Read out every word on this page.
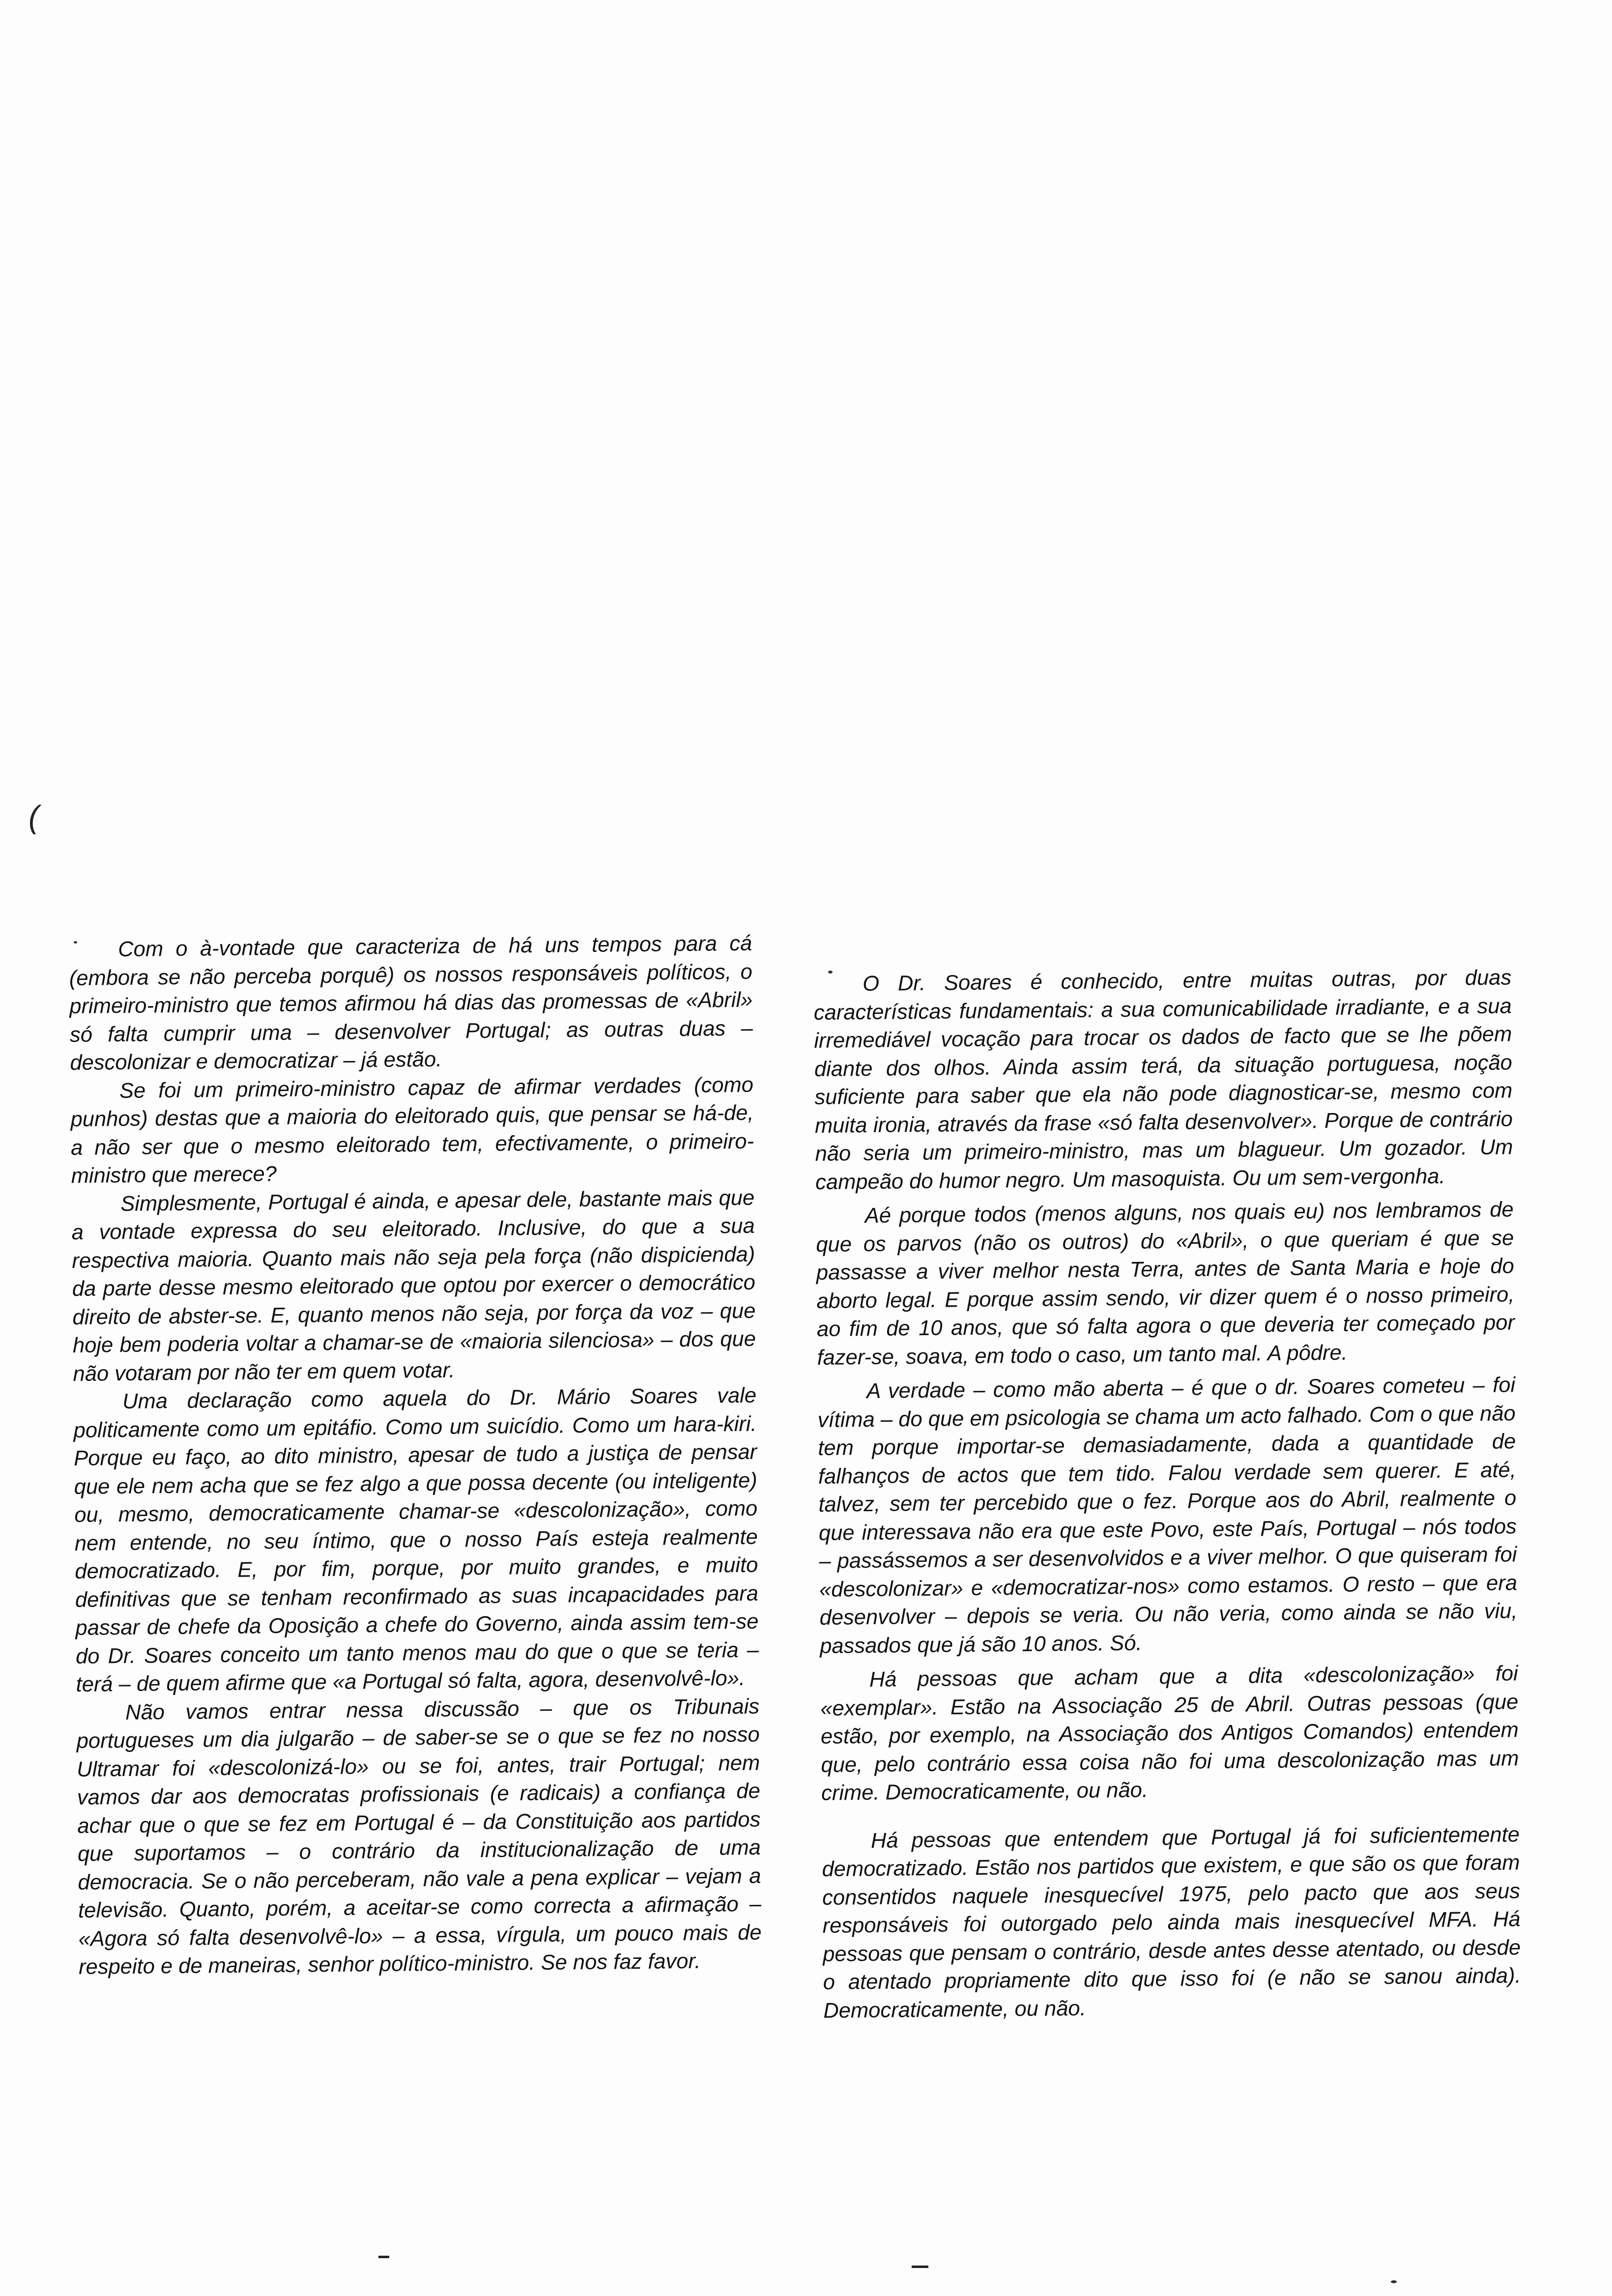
(

Com o à-vontade que caracteriza de há uns tempos para cá (embora se não perceba porquê) os nossos responsáveis políticos, o primeiro-ministro que temos afirmou há dias das promessas de «Abril» só falta cumprir uma – desenvolver Portugal; as outras duas – descolonizar e democratizar – já estão.

Se foi um primeiro-ministro capaz de afirmar verdades (como punhos) destas que a maioria do eleitorado quis, que pensar se há-de, a não ser que o mesmo eleitorado tem, efectivamente, o primeiro-ministro que merece?

Simplesmente, Portugal é ainda, e apesar dele, bastante mais que a vontade expressa do seu eleitorado. Inclusive, do que a sua respectiva maioria. Quanto mais não seja pela força (não dispicienda) da parte desse mesmo eleitorado que optou por exercer o democrático direito de abster-se. E, quanto menos não seja, por força da voz – que hoje bem poderia voltar a chamar-se de «maioria silenciosa» – dos que não votaram por não ter em quem votar.

Uma declaração como aquela do Dr. Mário Soares vale politicamente como um epitáfio. Como um suicídio. Como um hara-kiri. Porque eu faço, ao dito ministro, apesar de tudo a justiça de pensar que ele nem acha que se fez algo a que possa decente (ou inteligente) ou, mesmo, democraticamente chamar-se «descolonização», como nem entende, no seu íntimo, que o nosso País esteja realmente democratizado. E, por fim, porque, por muito grandes, e muito definitivas que se tenham reconfirmado as suas incapacidades para passar de chefe da Oposição a chefe do Governo, ainda assim tem-se do Dr. Soares conceito um tanto menos mau do que o que se teria – terá – de quem afirme que «a Portugal só falta, agora, desenvolvê-lo».

Não vamos entrar nessa discussão – que os Tribunais portugueses um dia julgarão – de saber-se se o que se fez no nosso Ultramar foi «descolonizá-lo» ou se foi, antes, trair Portugal; nem vamos dar aos democratas profissionais (e radicais) a confiança de achar que o que se fez em Portugal é – da Constituição aos partidos que suportamos – o contrário da institucionalização de uma democracia. Se o não perceberam, não vale a pena explicar – vejam a televisão. Quanto, porém, a aceitar-se como correcta a afirmação – «Agora só falta desenvolvê-lo» – a essa, vírgula, um pouco mais de respeito e de maneiras, senhor político-ministro. Se nos faz favor.

O Dr. Soares é conhecido, entre muitas outras, por duas características fundamentais: a sua comunicabilidade irradiante, e a sua irremediável vocação para trocar os dados de facto que se lhe põem diante dos olhos. Ainda assim terá, da situação portuguesa, noção suficiente para saber que ela não pode diagnosticar-se, mesmo com muita ironia, através da frase «só falta desenvolver». Porque de contrário não seria um primeiro-ministro, mas um blagueur. Um gozador. Um campeão do humor negro. Um masoquista. Ou um sem-vergonha.

Aé porque todos (menos alguns, nos quais eu) nos lembramos de que os parvos (não os outros) do «Abril», o que queriam é que se passasse a viver melhor nesta Terra, antes de Santa Maria e hoje do aborto legal. E porque assim sendo, vir dizer quem é o nosso primeiro, ao fim de 10 anos, que só falta agora o que deveria ter começado por fazer-se, soava, em todo o caso, um tanto mal. A pôdre.

A verdade – como mão aberta – é que o dr. Soares cometeu – foi vítima – do que em psicologia se chama um acto falhado. Com o que não tem porque importar-se demasiadamente, dada a quantidade de falhanços de actos que tem tido. Falou verdade sem querer. E até, talvez, sem ter percebido que o fez. Porque aos do Abril, realmente o que interessava não era que este Povo, este País, Portugal – nós todos – passássemos a ser desenvolvidos e a viver melhor. O que quiseram foi «descolonizar» e «democratizar-nos» como estamos. O resto – que era desenvolver – depois se veria. Ou não veria, como ainda se não viu, passados que já são 10 anos. Só.

Há pessoas que acham que a dita «descolonização» foi «exemplar». Estão na Associação 25 de Abril. Outras pessoas (que estão, por exemplo, na Associação dos Antigos Comandos) entendem que, pelo contrário essa coisa não foi uma descolonização mas um crime. Democraticamente, ou não.

Há pessoas que entendem que Portugal já foi suficientemente democratizado. Estão nos partidos que existem, e que são os que foram consentidos naquele inesquecível 1975, pelo pacto que aos seus responsáveis foi outorgado pelo ainda mais inesquecível MFA. Há pessoas que pensam o contrário, desde antes desse atentado, ou desde o atentado propriamente dito que isso foi (e não se sanou ainda). Democraticamente, ou não.
